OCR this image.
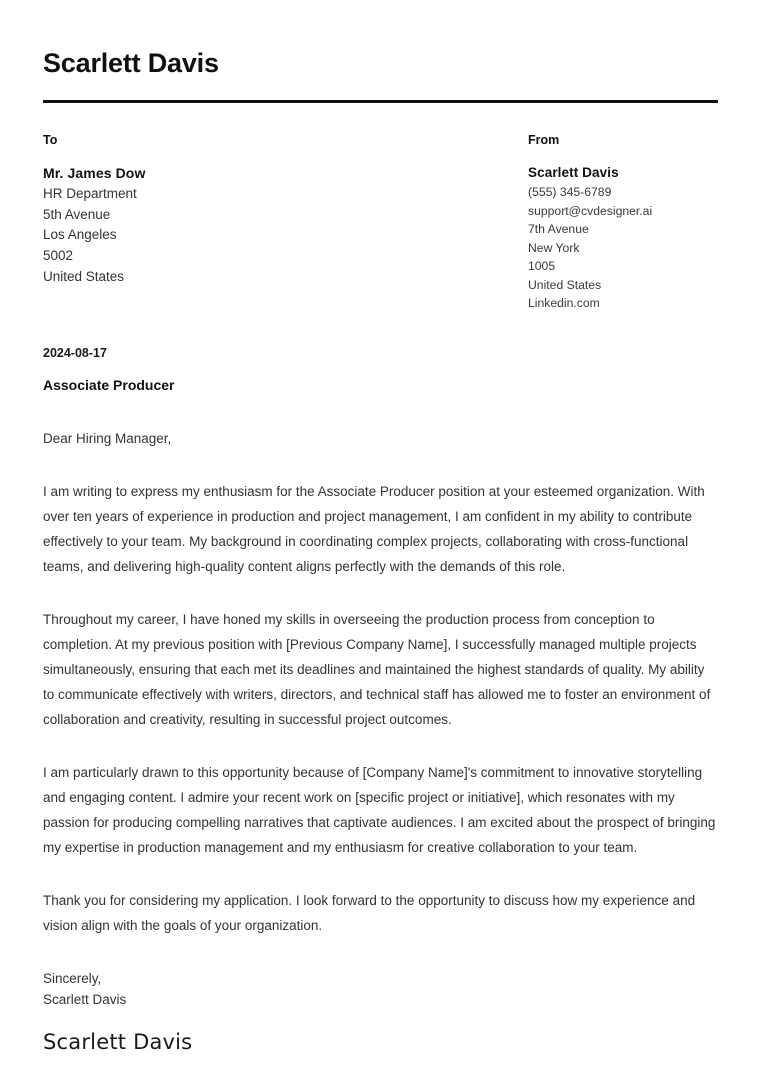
Scarlett Davis
To
Mr. James Dow
HR Department
5th Avenue
Los Angeles
5002
United States
From
Scarlett Davis
(555) 345-6789
support@cvdesigner.ai
7th Avenue
New York
1005
United States
Linkedin.com
2024-08-17
Associate Producer
Dear Hiring Manager,
I am writing to express my enthusiasm for the Associate Producer position at your esteemed organization. With over ten years of experience in production and project management, I am confident in my ability to contribute effectively to your team. My background in coordinating complex projects, collaborating with cross-functional teams, and delivering high-quality content aligns perfectly with the demands of this role.
Throughout my career, I have honed my skills in overseeing the production process from conception to completion. At my previous position with [Previous Company Name], I successfully managed multiple projects simultaneously, ensuring that each met its deadlines and maintained the highest standards of quality. My ability to communicate effectively with writers, directors, and technical staff has allowed me to foster an environment of collaboration and creativity, resulting in successful project outcomes.
I am particularly drawn to this opportunity because of [Company Name]'s commitment to innovative storytelling and engaging content. I admire your recent work on [specific project or initiative], which resonates with my passion for producing compelling narratives that captivate audiences. I am excited about the prospect of bringing my expertise in production management and my enthusiasm for creative collaboration to your team.
Thank you for considering my application. I look forward to the opportunity to discuss how my experience and vision align with the goals of your organization.
Sincerely,
Scarlett Davis
Scarlett Davis
